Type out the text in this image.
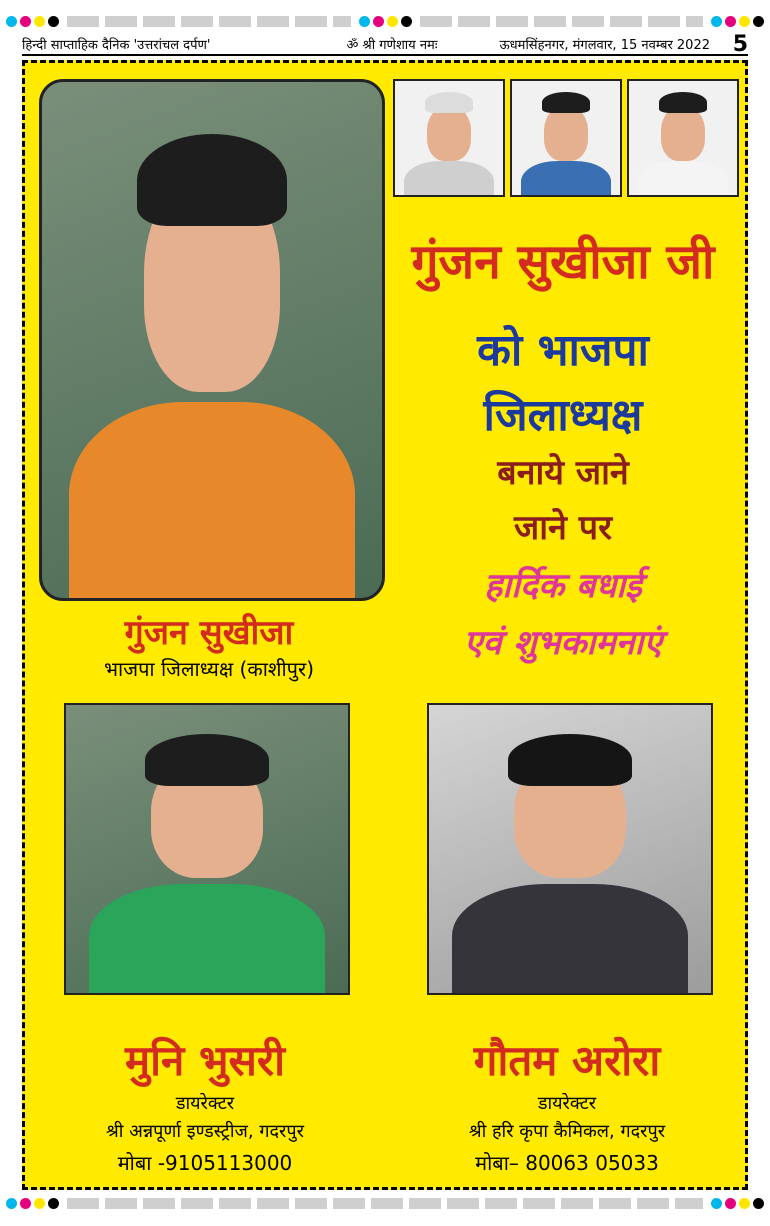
हिन्दी साप्ताहिक दैनिक 'उत्तरांचल दर्पण'	ॐ श्री गणेशाय नमः	ऊधमसिंहनगर, मंगलवार, 15 नवम्बर 2022	5
गुंजन सुखीजा जी
को भाजपा
जिलाध्यक्ष
बनाये जाने
जाने पर
हार्दिक बधाई
एवं शुभकामनाएं
गुंजन सुखीजा
भाजपा जिलाध्यक्ष (काशीपुर)
मुनि भुसरी
डायरेक्टर
श्री अन्नपूर्णा इण्डस्ट्रीज, गदरपुर
मोबा -9105113000
गौतम अरोरा
डायरेक्टर
श्री हरि कृपा कैमिकल, गदरपुर
मोबा– 80063 05033
